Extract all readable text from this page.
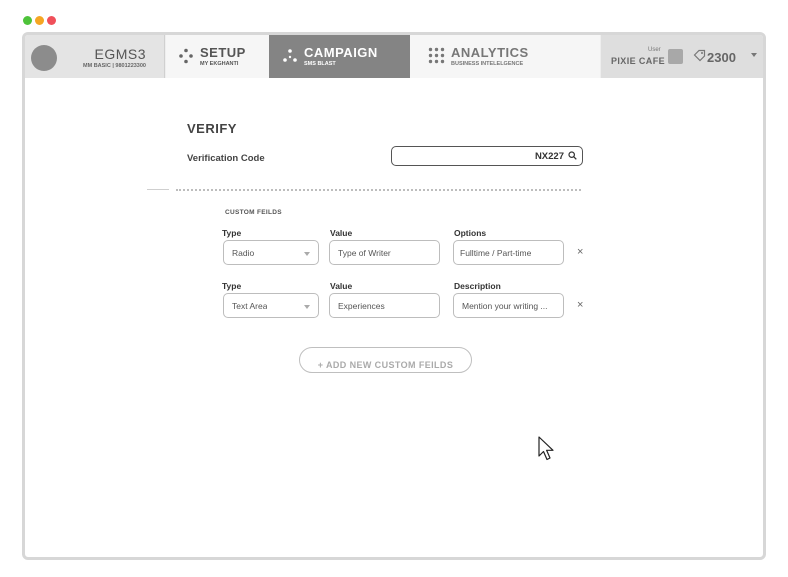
EGMS3
MM BASIC | 9801223300
SETUP
MY EKGHANTI
CAMPAIGN
SMS BLAST
ANALYTICS
BUSINESS INTELELGENCE
User
PIXIE CAFE	2300
VERIFY
Verification Code	NX227
CUSTOM FEILDS
Type	Value	Options
Radio	Type of Writer	Fulltime / Part-time	×
Type	Value	Description
Text Area	Experiences	Mention your writing ...	×
$_{+ ADD NEW CUSTOM FEILDS}$
